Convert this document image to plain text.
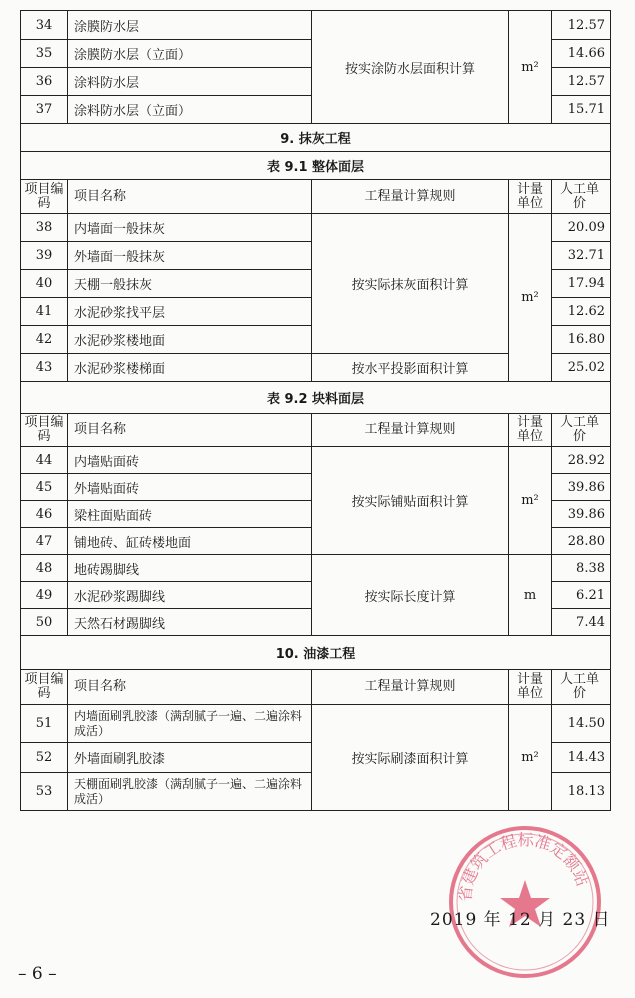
34	涂膜防水层	按实涂防水层面积计算	m²	12.57
35	涂膜防水层（立面）			14.66
36	涂料防水层			12.57
37	涂料防水层（立面）			15.71
9. 抹灰工程				
表 9.1 整体面层				
项目编码	项目名称	工程量计算规则	计量单位	人工单价
38	内墙面一般抹灰	按实际抹灰面积计算	m²	20.09
39	外墙面一般抹灰			32.71
40	天棚一般抹灰			17.94
41	水泥砂浆找平层			12.62
42	水泥砂浆楼地面			16.80
43	水泥砂浆楼梯面	按水平投影面积计算		25.02
表 9.2 块料面层				
项目编码	项目名称	工程量计算规则	计量单位	人工单价
44	内墙贴面砖	按实际铺贴面积计算	m²	28.92
45	外墙贴面砖			39.86
46	梁柱面贴面砖			39.86
47	铺地砖、缸砖楼地面			28.80
48	地砖踢脚线	按实际长度计算	m	8.38
49	水泥砂浆踢脚线			6.21
50	天然石材踢脚线			7.44
10. 油漆工程				
项目编码	项目名称	工程量计算规则	计量单位	人工单价
51	内墙面刷乳胶漆（满刮腻子一遍、二遍涂料成活）	按实际刷漆面积计算	m²	14.50
52	外墙面刷乳胶漆			14.43
53	天棚面刷乳胶漆（满刮腻子一遍、二遍涂料成活）			18.13
省建筑工程标准定额站
2019 年 12 月 23 日
– 6 –
